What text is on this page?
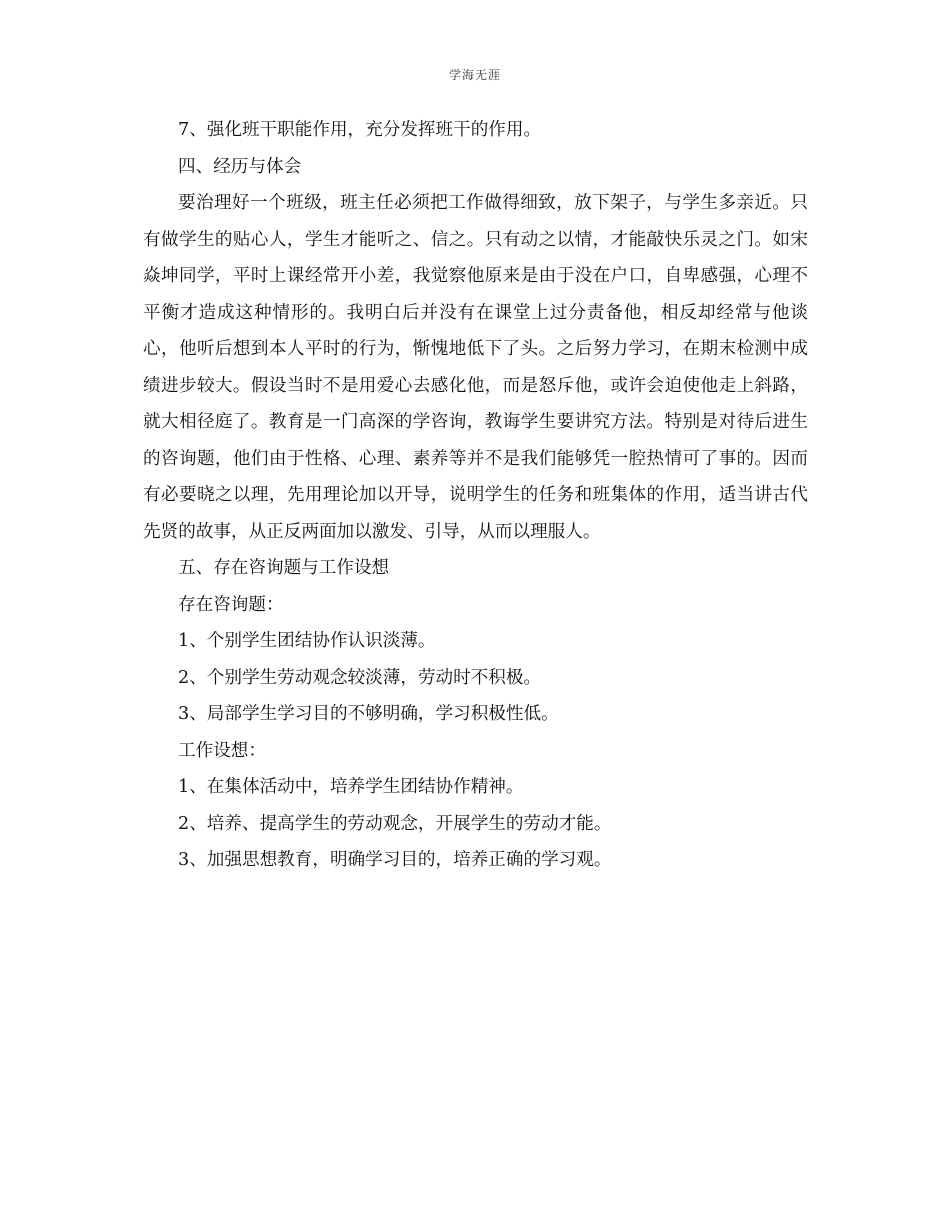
学海无涯

7、强化班干职能作用，充分发挥班干的作用。

四、经历与体会

要治理好一个班级，班主任必须把工作做得细致，放下架子，与学生多亲近。只有做学生的贴心人，学生才能听之、信之。只有动之以情，才能敲快乐灵之门。如宋焱坤同学，平时上课经常开小差，我觉察他原来是由于没在户口，自卑感强，心理不平衡才造成这种情形的。我明白后并没有在课堂上过分责备他，相反却经常与他谈心，他听后想到本人平时的行为，惭愧地低下了头。之后努力学习，在期末检测中成绩进步较大。假设当时不是用爱心去感化他，而是怒斥他，或许会迫使他走上斜路，就大相径庭了。教育是一门高深的学咨询，教诲学生要讲究方法。特别是对待后进生的咨询题，他们由于性格、心理、素养等并不是我们能够凭一腔热情可了事的。因而有必要晓之以理，先用理论加以开导，说明学生的任务和班集体的作用，适当讲古代先贤的故事，从正反两面加以激发、引导，从而以理服人。

五、存在咨询题与工作设想

存在咨询题：

1、个别学生团结协作认识淡薄。

2、个别学生劳动观念较淡薄，劳动时不积极。

3、局部学生学习目的不够明确，学习积极性低。

工作设想：

1、在集体活动中，培养学生团结协作精神。

2、培养、提高学生的劳动观念，开展学生的劳动才能。

3、加强思想教育，明确学习目的，培养正确的学习观。
